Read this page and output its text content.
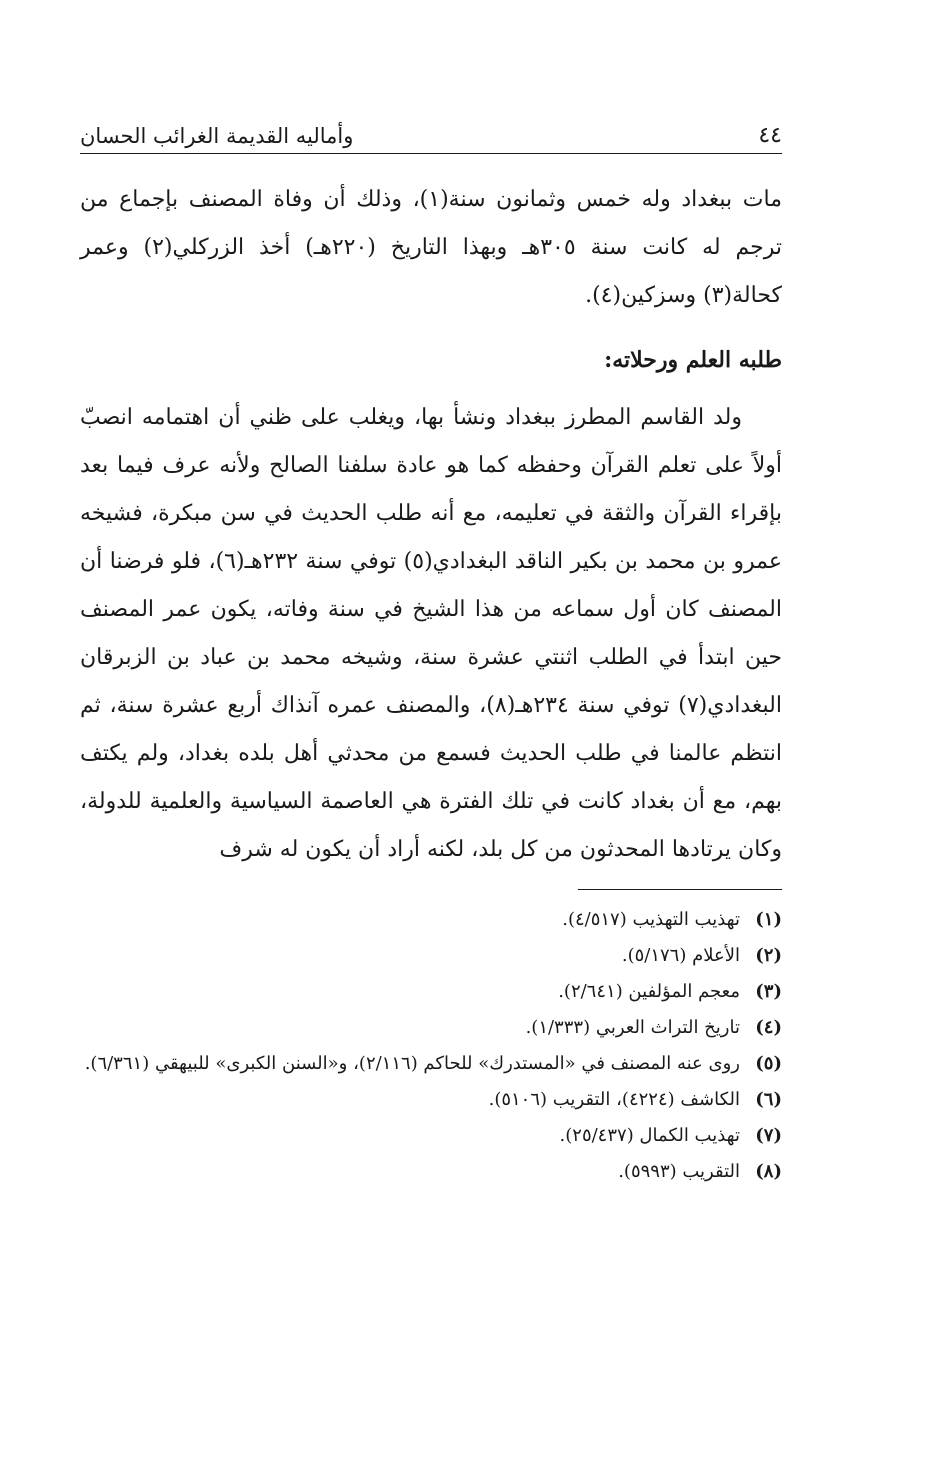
٤٤
وأماليه القديمة الغرائب الحسان

مات ببغداد وله خمس وثمانون سنة(١)، وذلك أن وفاة المصنف بإجماع من ترجم له كانت سنة ٣٠٥هـ وبهذا التاريخ (٢٢٠هـ) أخذ الزركلي(٢) وعمر كحالة(٣) وسزكين(٤).

طلبه العلم ورحلاته:

ولد القاسم المطرز ببغداد ونشأ بها، ويغلب على ظني أن اهتمامه انصبّ أولاً على تعلم القرآن وحفظه كما هو عادة سلفنا الصالح ولأنه عرف فيما بعد بإقراء القرآن والثقة في تعليمه، مع أنه طلب الحديث في سن مبكرة، فشيخه عمرو بن محمد بن بكير الناقد البغدادي(٥) توفي سنة ٢٣٢هـ(٦)، فلو فرضنا أن المصنف كان أول سماعه من هذا الشيخ في سنة وفاته، يكون عمر المصنف حين ابتدأ في الطلب اثنتي عشرة سنة، وشيخه محمد بن عباد بن الزبرقان البغدادي(٧) توفي سنة ٢٣٤هـ(٨)، والمصنف عمره آنذاك أربع عشرة سنة، ثم انتظم عالمنا في طلب الحديث فسمع من محدثي أهل بلده بغداد، ولم يكتف بهم، مع أن بغداد كانت في تلك الفترة هي العاصمة السياسية والعلمية للدولة، وكان يرتادها المحدثون من كل بلد، لكنه أراد أن يكون له شرف

(١)
تهذيب التهذيب (٤/٥١٧).
(٢)
الأعلام (٥/١٧٦).
(٣)
معجم المؤلفين (٢/٦٤١).
(٤)
تاريخ التراث العربي (١/٣٣٣).
(٥)
روى عنه المصنف في «المستدرك» للحاكم (٢/١١٦)، و«السنن الكبرى» للبيهقي (٦/٣٦١).
(٦)
الكاشف (٤٢٢٤)، التقريب (٥١٠٦).
(٧)
تهذيب الكمال (٢٥/٤٣٧).
(٨)
التقريب (٥٩٩٣).
